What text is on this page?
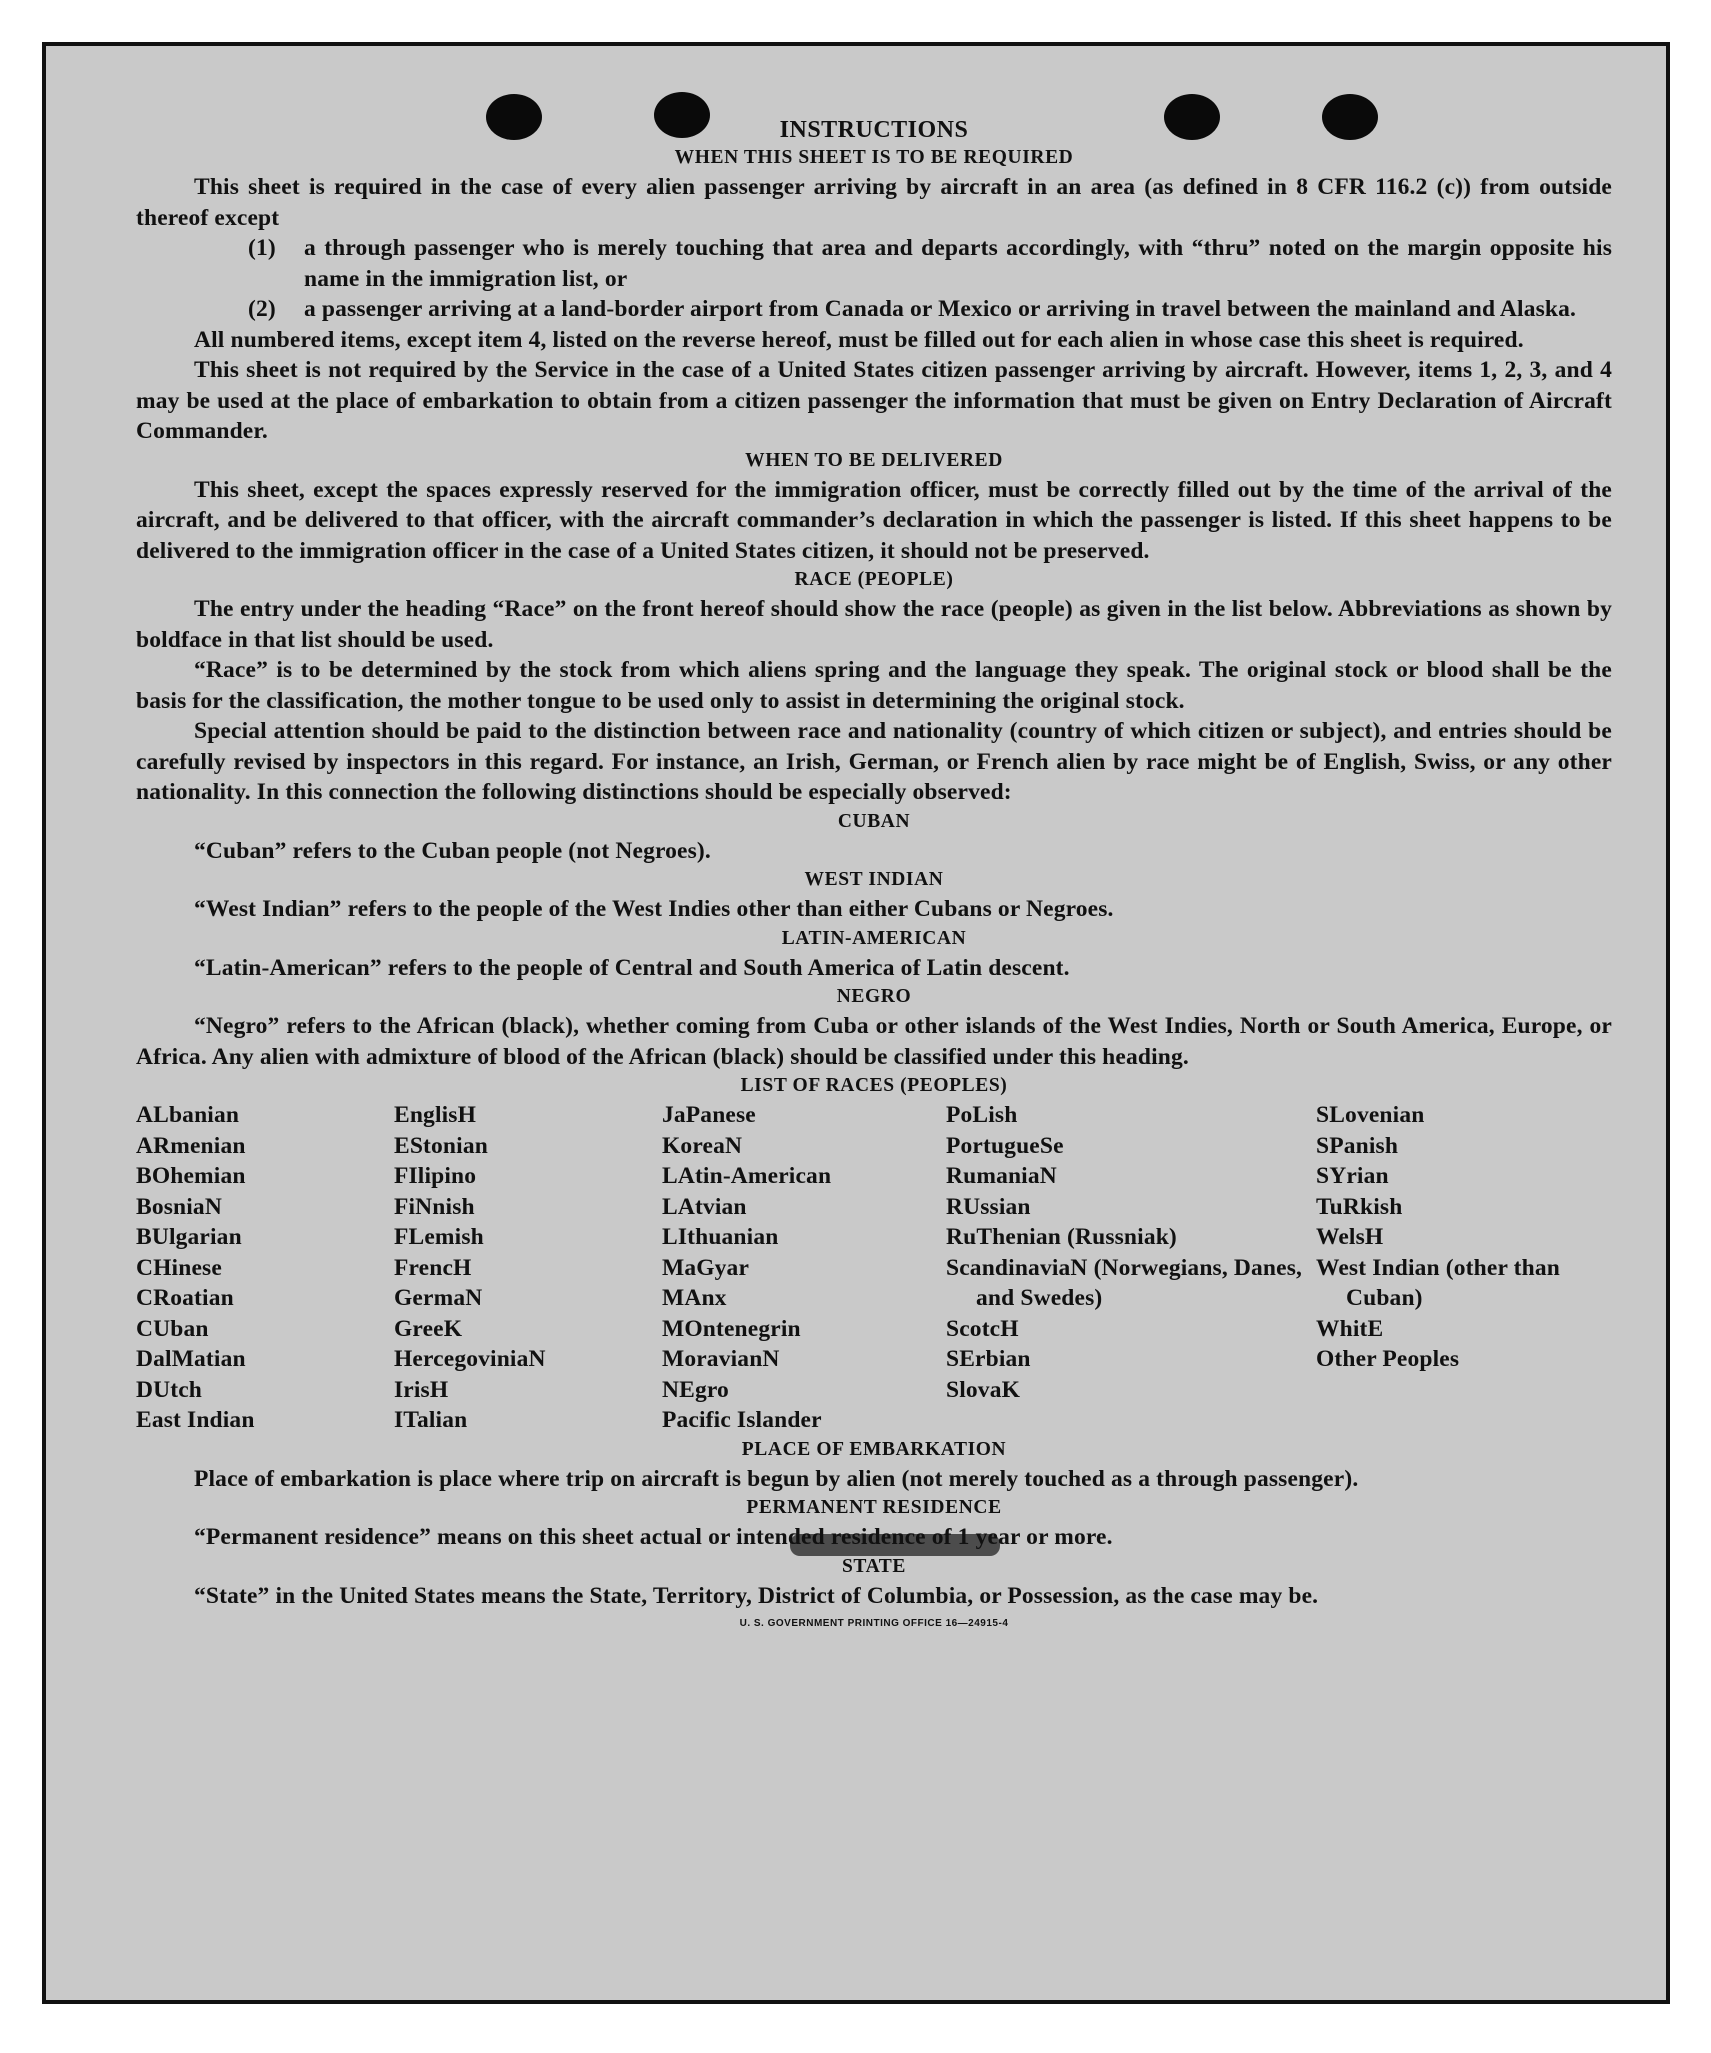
INSTRUCTIONS
WHEN THIS SHEET IS TO BE REQUIRED

This sheet is required in the case of every alien passenger arriving by aircraft in an area (as defined in 8 CFR 116.2 (c)) from outside thereof except

(1)	a through passenger who is merely touching that area and departs accordingly, with “thru” noted on the margin opposite his name in the immigration list, or
(2)	a passenger arriving at a land-border airport from Canada or Mexico or arriving in travel between the mainland and Alaska.

All numbered items, except item 4, listed on the reverse hereof, must be filled out for each alien in whose case this sheet is required.

This sheet is not required by the Service in the case of a United States citizen passenger arriving by aircraft. However, items 1, 2, 3, and 4 may be used at the place of embarkation to obtain from a citizen passenger the information that must be given on Entry Declaration of Aircraft Commander.

WHEN TO BE DELIVERED

This sheet, except the spaces expressly reserved for the immigration officer, must be correctly filled out by the time of the arrival of the aircraft, and be delivered to that officer, with the aircraft commander’s declaration in which the passenger is listed. If this sheet happens to be delivered to the immigration officer in the case of a United States citizen, it should not be preserved.

RACE (PEOPLE)

The entry under the heading “Race” on the front hereof should show the race (people) as given in the list below. Abbreviations as shown by boldface in that list should be used.

“Race” is to be determined by the stock from which aliens spring and the language they speak. The original stock or blood shall be the basis for the classification, the mother tongue to be used only to assist in determining the original stock.

Special attention should be paid to the distinction between race and nationality (country of which citizen or subject), and entries should be carefully revised by inspectors in this regard. For instance, an Irish, German, or French alien by race might be of English, Swiss, or any other nationality. In this connection the following distinctions should be especially observed:

CUBAN

“Cuban” refers to the Cuban people (not Negroes).

WEST INDIAN

“West Indian” refers to the people of the West Indies other than either Cubans or Negroes.

LATIN-AMERICAN

“Latin-American” refers to the people of Central and South America of Latin descent.

NEGRO

“Negro” refers to the African (black), whether coming from Cuba or other islands of the West Indies, North or South America, Europe, or Africa. Any alien with admixture of blood of the African (black) should be classified under this heading.

LIST OF RACES (PEOPLES)
ALbanian
ARmenian
BOhemian
BosniaN
BUlgarian
CHinese
CRoatian
CUban
DalMatian
DUtch
East Indian
EnglisH
EStonian
FIlipino
FiNnish
FLemish
FrencH
GermaN
GreeK
HercegoviniaN
IrisH
ITalian
JaPanese
KoreaN
LAtin-American
LAtvian
LIthuanian
MaGyar
MAnx
MOntenegrin
MoravianN
NEgro
Pacific Islander
PoLish
PortugueSe
RumaniaN
RUssian
RuThenian (Russniak)
ScandinaviaN (Norwegians, Danes, and Swedes)
ScotcH
SErbian
SlovaK
SLovenian
SPanish
SYrian
TuRkish
WelsH
West Indian (other than Cuban)
WhitE
Other Peoples
PLACE OF EMBARKATION

Place of embarkation is place where trip on aircraft is begun by alien (not merely touched as a through passenger).

PERMANENT RESIDENCE

“Permanent residence” means on this sheet actual or intended residence of 1 year or more.

STATE

“State” in the United States means the State, Territory, District of Columbia, or Possession, as the case may be.

U. S. GOVERNMENT PRINTING OFFICE 16—24915-4
